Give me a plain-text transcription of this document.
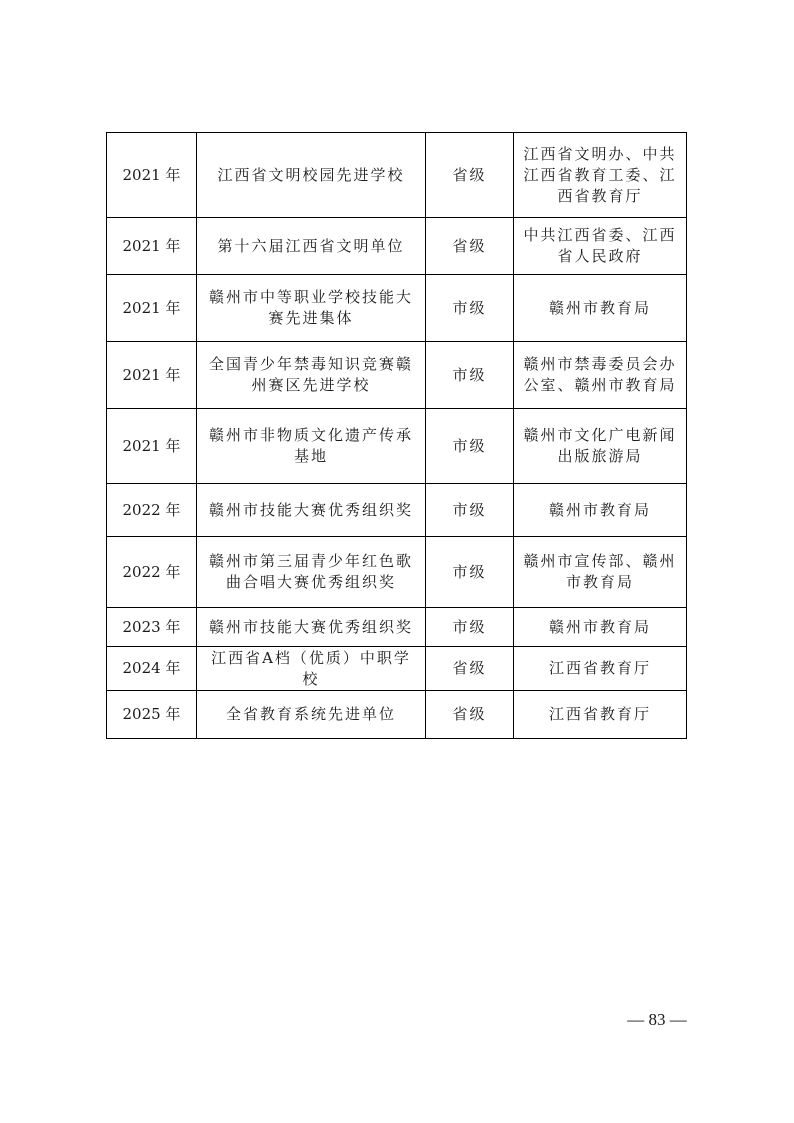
2021 年	江西省文明校园先进学校	省级	江西省文明办、中共江西省教育工委、江西省教育厅
2021 年	第十六届江西省文明单位	省级	中共江西省委、江西省人民政府
2021 年	赣州市中等职业学校技能大赛先进集体	市级	赣州市教育局
2021 年	全国青少年禁毒知识竞赛赣州赛区先进学校	市级	赣州市禁毒委员会办公室、赣州市教育局
2021 年	赣州市非物质文化遗产传承基地	市级	赣州市文化广电新闻出版旅游局
2022 年	赣州市技能大赛优秀组织奖	市级	赣州市教育局
2022 年	赣州市第三届青少年红色歌曲合唱大赛优秀组织奖	市级	赣州市宣传部、赣州市教育局
2023 年	赣州市技能大赛优秀组织奖	市级	赣州市教育局
2024 年	江西省A档（优质）中职学校	省级	江西省教育厅
2025 年	全省教育系统先进单位	省级	江西省教育厅
— 83 —
